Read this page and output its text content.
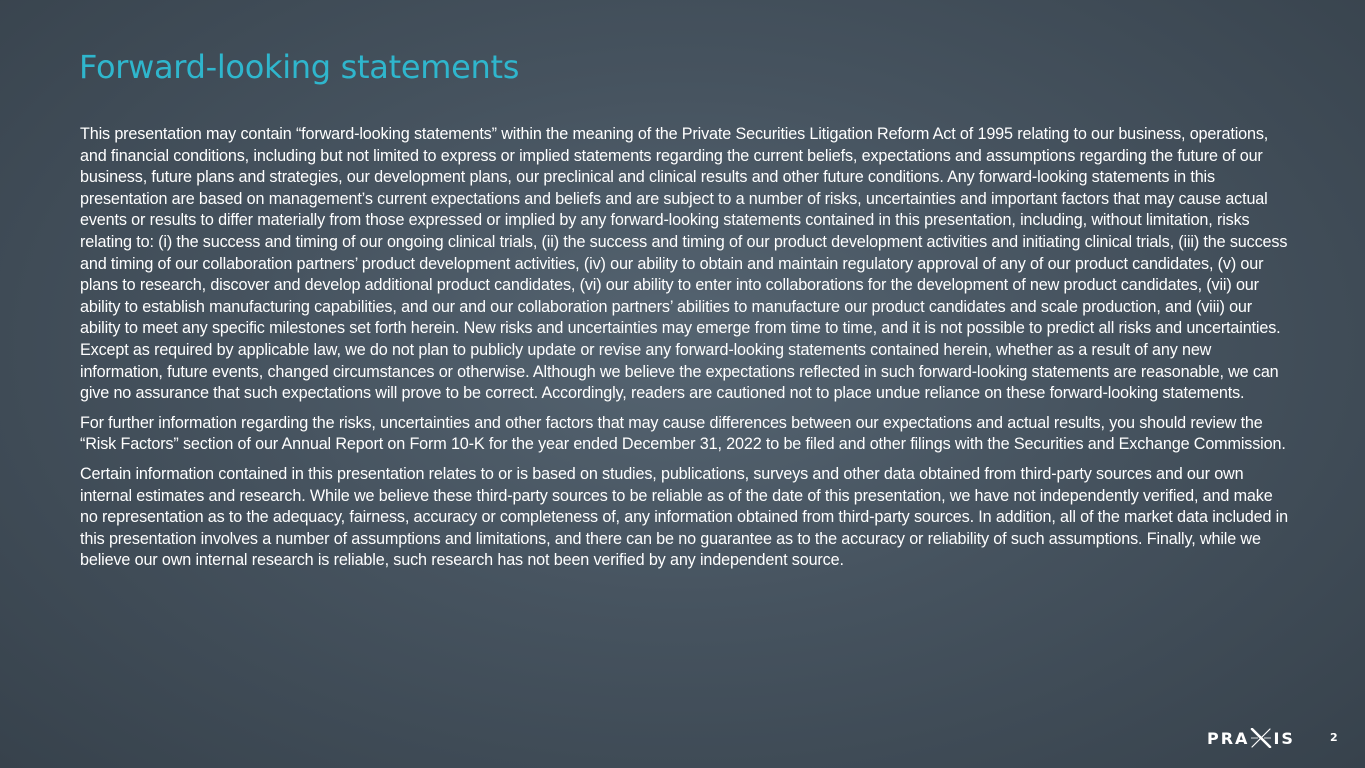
Forward-looking statements

This presentation may contain “forward-looking statements” within the meaning of the Private Securities Litigation Reform Act of 1995 relating to our business, operations, and financial conditions, including but not limited to express or implied statements regarding the current beliefs, expectations and assumptions regarding the future of our business, future plans and strategies, our development plans, our preclinical and clinical results and other future conditions. Any forward-looking statements in this presentation are based on management’s current expectations and beliefs and are subject to a number of risks, uncertainties and important factors that may cause actual events or results to differ materially from those expressed or implied by any forward-looking statements contained in this presentation, including, without limitation, risks relating to: (i) the success and timing of our ongoing clinical trials, (ii) the success and timing of our product development activities and initiating clinical trials, (iii) the success and timing of our collaboration partners’ product development activities, (iv) our ability to obtain and maintain regulatory approval of any of our product candidates, (v) our plans to research, discover and develop additional product candidates, (vi) our ability to enter into collaborations for the development of new product candidates, (vii) our ability to establish manufacturing capabilities, and our and our collaboration partners’ abilities to manufacture our product candidates and scale production, and (viii) our ability to meet any specific milestones set forth herein. New risks and uncertainties may emerge from time to time, and it is not possible to predict all risks and uncertainties. Except as required by applicable law, we do not plan to publicly update or revise any forward-looking statements contained herein, whether as a result of any new information, future events, changed circumstances or otherwise. Although we believe the expectations reflected in such forward-looking statements are reasonable, we can give no assurance that such expectations will prove to be correct. Accordingly, readers are cautioned not to place undue reliance on these forward-looking statements.

For further information regarding the risks, uncertainties and other factors that may cause differences between our expectations and actual results, you should review the “Risk Factors” section of our Annual Report on Form 10-K for the year ended December 31, 2022 to be filed and other filings with the Securities and Exchange Commission.

Certain information contained in this presentation relates to or is based on studies, publications, surveys and other data obtained from third-party sources and our own internal estimates and research. While we believe these third-party sources to be reliable as of the date of this presentation, we have not independently verified, and make no representation as to the adequacy, fairness, accuracy or completeness of, any information obtained from third-party sources. In addition, all of the market data included in this presentation involves a number of assumptions and limitations, and there can be no guarantee as to the accuracy or reliability of such assumptions. Finally, while we believe our own internal research is reliable, such research has not been verified by any independent source.

PRA IS	2
